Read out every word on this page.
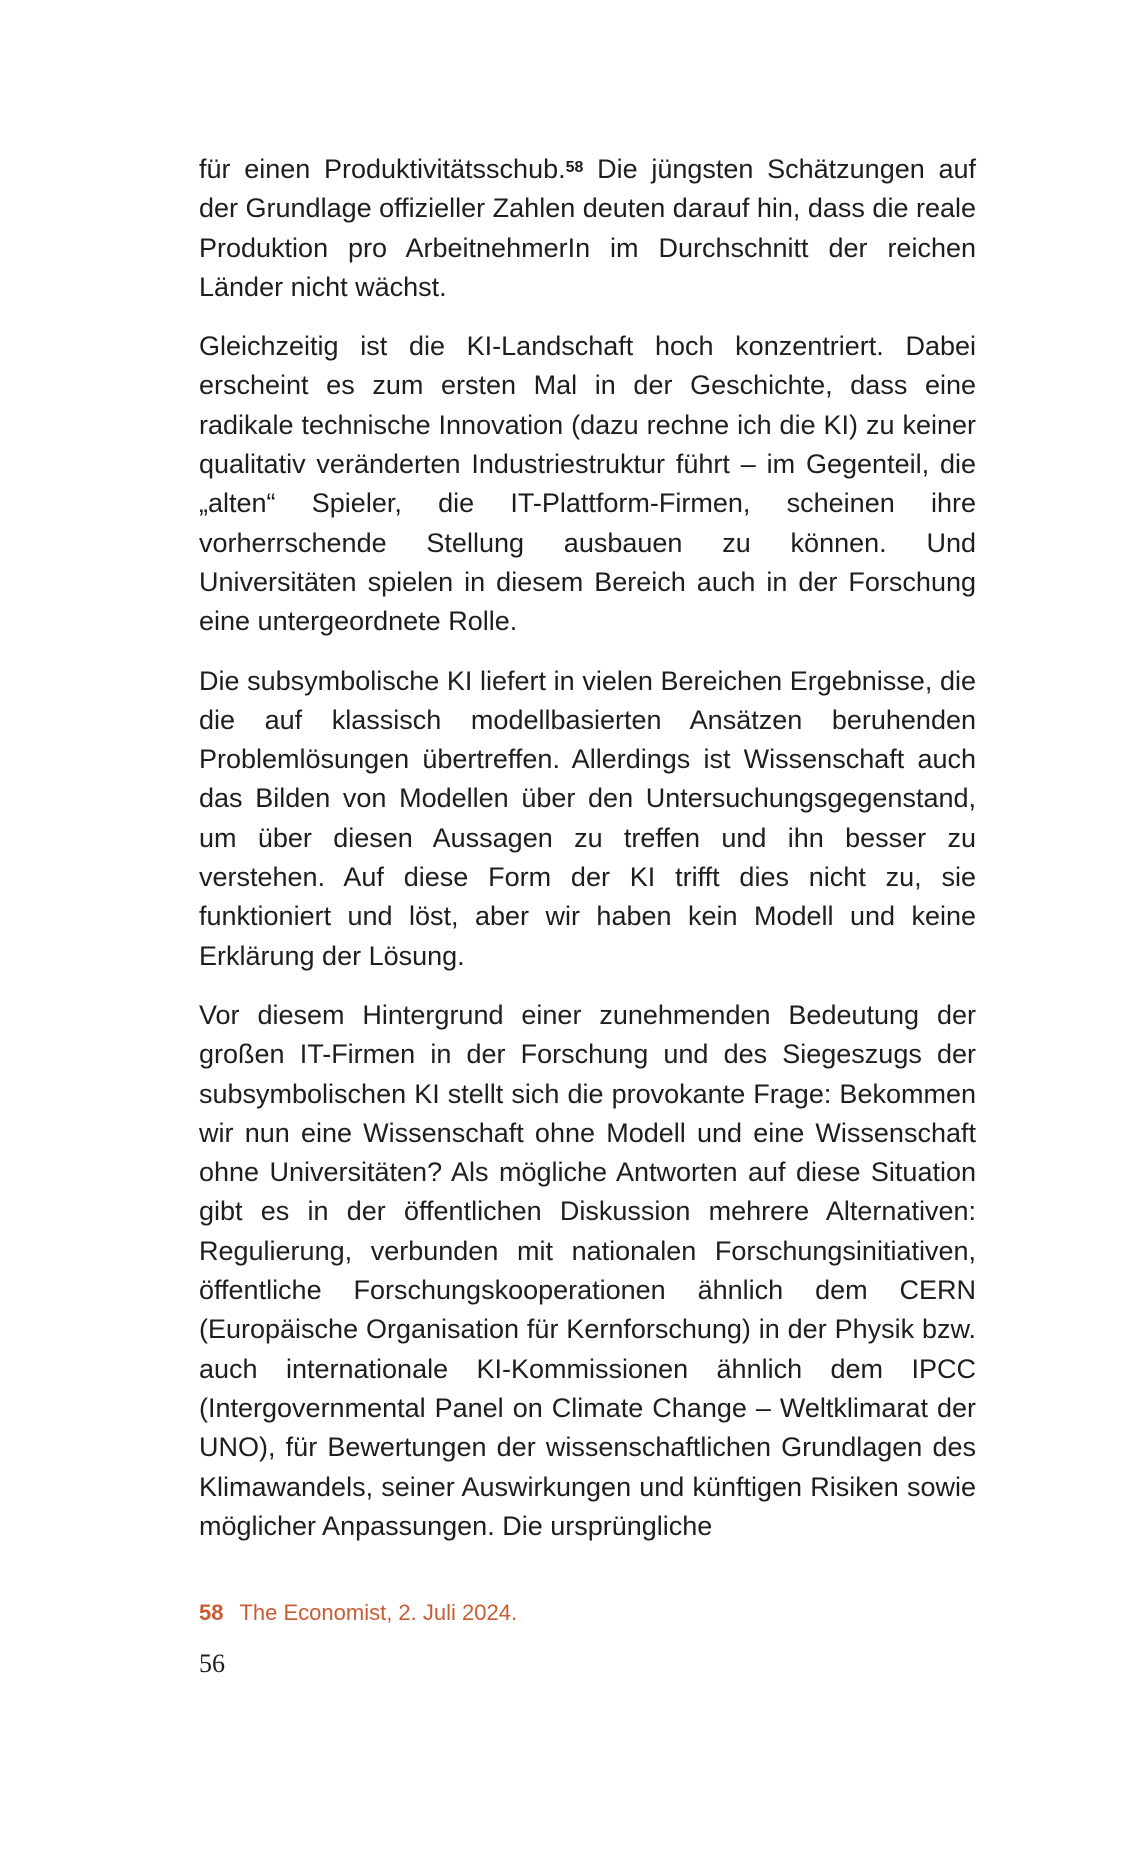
für einen Produktivitätsschub.$^{58}$ Die jüngsten Schätzungen auf der Grundlage offizieller Zahlen deuten darauf hin, dass die reale Produktion pro ArbeitnehmerIn im Durchschnitt der reichen Länder nicht wächst.

Gleichzeitig ist die KI-Landschaft hoch konzentriert. Dabei erscheint es zum ersten Mal in der Geschichte, dass eine radikale technische Innovation (dazu rechne ich die KI) zu keiner qualitativ veränderten Industriestruktur führt – im Gegenteil, die „alten“ Spieler, die IT-Plattform-Firmen, scheinen ihre vorherrschende Stellung ausbauen zu können. Und Universitäten spielen in diesem Bereich auch in der Forschung eine untergeordnete Rolle.

Die subsymbolische KI liefert in vielen Bereichen Ergebnisse, die die auf klassisch modellbasierten Ansätzen beruhenden Problemlösungen übertreffen. Allerdings ist Wissenschaft auch das Bilden von Modellen über den Untersuchungsgegenstand, um über diesen Aussagen zu treffen und ihn besser zu verstehen. Auf diese Form der KI trifft dies nicht zu, sie funktioniert und löst, aber wir haben kein Modell und keine Erklärung der Lösung.

Vor diesem Hintergrund einer zunehmenden Bedeutung der großen IT-Firmen in der Forschung und des Siegeszugs der subsymbolischen KI stellt sich die provokante Frage: Bekommen wir nun eine Wissenschaft ohne Modell und eine Wissenschaft ohne Universitäten? Als mögliche Antworten auf diese Situation gibt es in der öffentlichen Diskussion mehrere Alternativen: Regulierung, verbunden mit nationalen Forschungsinitiativen, öffentliche Forschungskooperationen ähnlich dem CERN (Europäische Organisation für Kernforschung) in der Physik bzw. auch internationale KI-Kommissionen ähnlich dem IPCC (Intergovernmental Panel on Climate Change – Weltklimarat der UNO), für Bewertungen der wissenschaftlichen Grundlagen des Klimawandels, seiner Auswirkungen und künftigen Risiken sowie möglicher Anpassungen. Die ursprüngliche

58 The Economist, 2. Juli 2024.
56
